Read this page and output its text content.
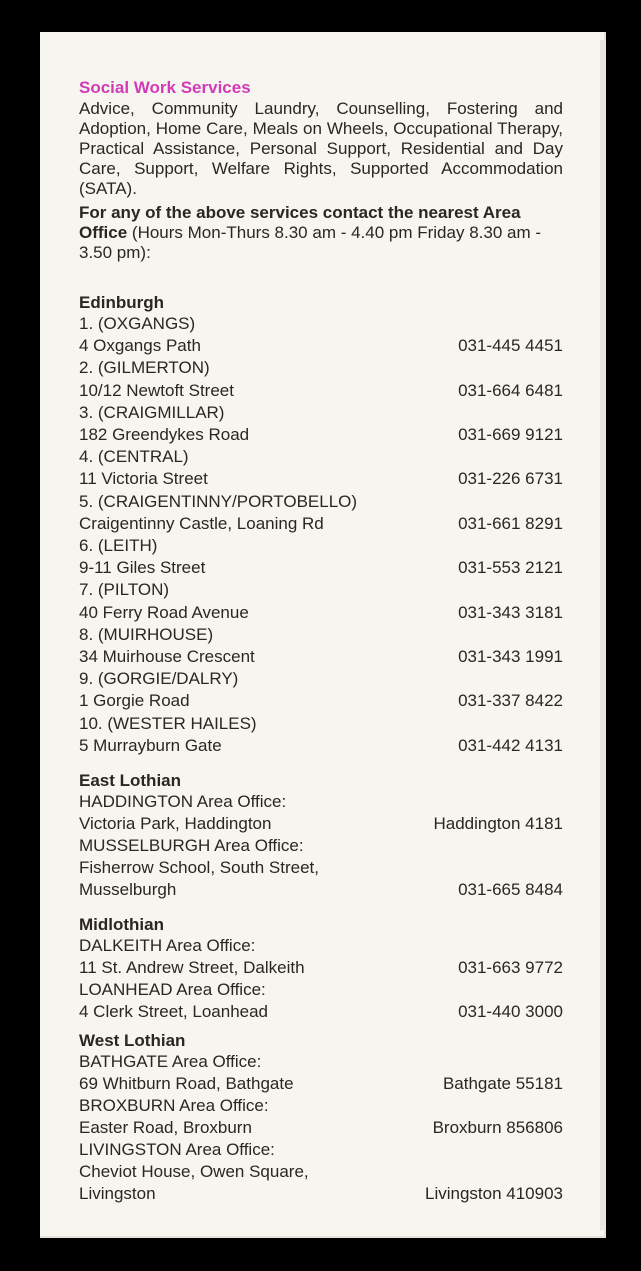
Social Work Services

Advice, Community Laundry, Counselling, Fostering and Adoption, Home Care, Meals on Wheels, Occupational Therapy, Practical Assistance, Personal Support, Residential and Day Care, Support, Welfare Rights, Supported Accommodation (SATA).

For any of the above services contact the nearest Area Office (Hours Mon-Thurs 8.30 am - 4.40 pm Friday 8.30 am - 3.50 pm):

Edinburgh

1. (OXGANGS)

4 Oxgangs Path	031-445 4451

2. (GILMERTON)

10/12 Newtoft Street	031-664 6481

3. (CRAIGMILLAR)

182 Greendykes Road	031-669 9121

4. (CENTRAL)

11 Victoria Street	031-226 6731

5. (CRAIGENTINNY/PORTOBELLO)

Craigentinny Castle, Loaning Rd	031-661 8291

6. (LEITH)

9-11 Giles Street	031-553 2121

7. (PILTON)

40 Ferry Road Avenue	031-343 3181

8. (MUIRHOUSE)

34 Muirhouse Crescent	031-343 1991

9. (GORGIE/DALRY)

1 Gorgie Road	031-337 8422

10. (WESTER HAILES)

5 Murrayburn Gate	031-442 4131

East Lothian

HADDINGTON Area Office:

Victoria Park, Haddington	Haddington 4181

MUSSELBURGH Area Office:

Fisherrow School, South Street,

Musselburgh	031-665 8484

Midlothian

DALKEITH Area Office:

11 St. Andrew Street, Dalkeith	031-663 9772

LOANHEAD Area Office:

4 Clerk Street, Loanhead	031-440 3000

West Lothian

BATHGATE Area Office:

69 Whitburn Road, Bathgate	Bathgate 55181

BROXBURN Area Office:

Easter Road, Broxburn	Broxburn 856806

LIVINGSTON Area Office:

Cheviot House, Owen Square,

Livingston	Livingston 410903
